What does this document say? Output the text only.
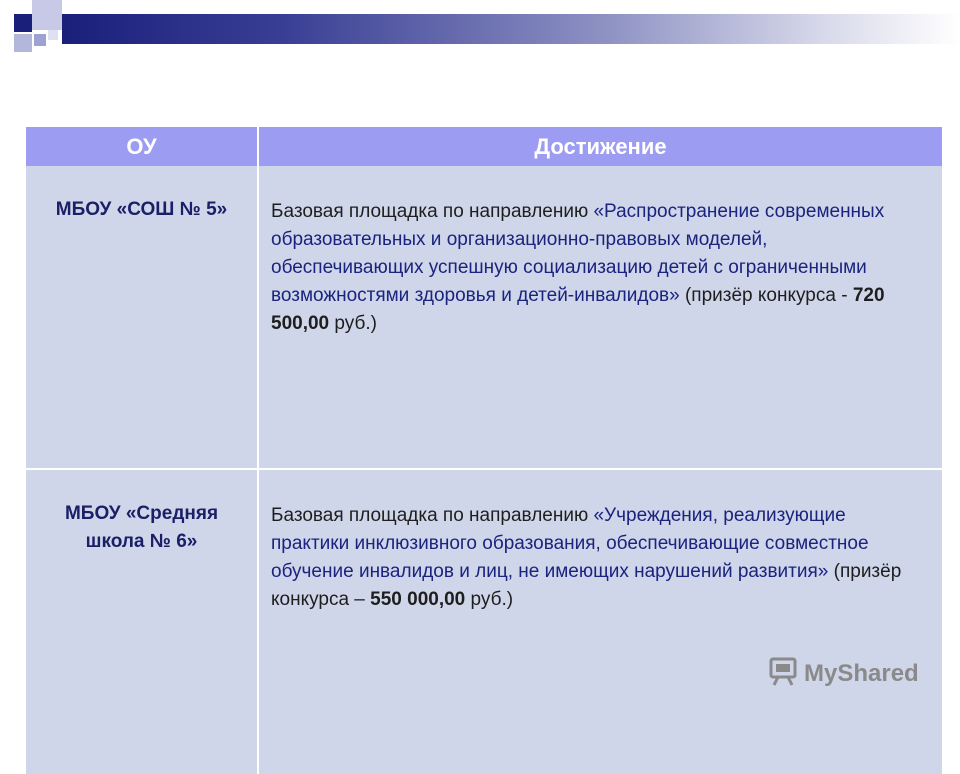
ОУ	Достижение
МБОУ «СОШ № 5»	Базовая площадка по направлению «Распространение современных образовательных и организационно-правовых моделей, обеспечивающих успешную социализацию детей с ограниченными возможностями здоровья и детей-инвалидов» (призёр конкурса - 720 500,00 руб.)
МБОУ «Средняя школа № 6»	Базовая площадка по направлению «Учреждения, реализующие практики инклюзивного образования, обеспечивающие совместное обучение инвалидов и лиц, не имеющих нарушений развития» (призёр конкурса – 550 000,00 руб.)
MyShared
